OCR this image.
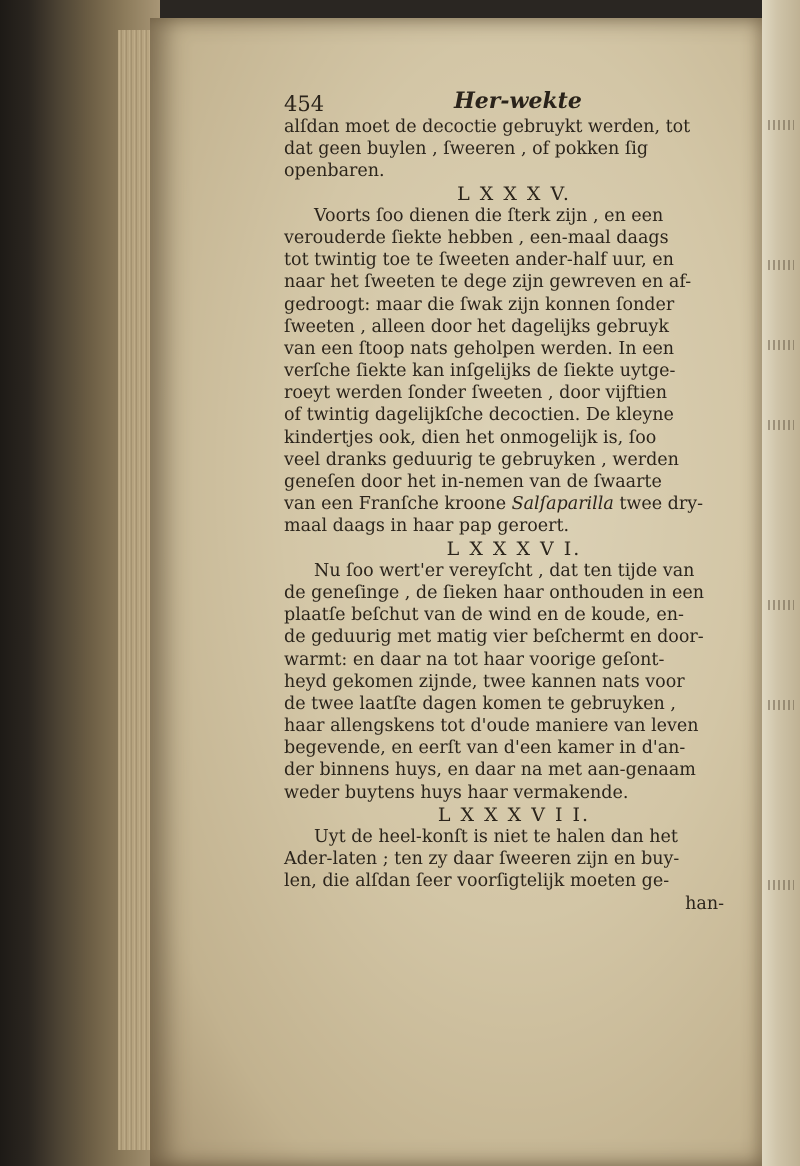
454	Her-wekte
alſdan moet de decoctie gebruykt werden, tot
dat geen buylen , ſweeren , of pokken ſig
openbaren.
L X X X V.
Voorts ſoo dienen die ſterk zijn , en een
verouderde ſiekte hebben , een-maal daags
tot twintig toe te ſweeten ander-half uur, en
naar het ſweeten te dege zijn gewreven en af-
gedroogt: maar die ſwak zijn konnen ſonder
ſweeten , alleen door het dagelijks gebruyk
van een ſtoop nats geholpen werden. In een
verſche ſiekte kan inſgelijks de ſiekte uytge-
roeyt werden ſonder ſweeten , door vijftien
of twintig dagelijkſche decoctien. De kleyne
kindertjes ook, dien het onmogelijk is, ſoo
veel dranks geduurig te gebruyken , werden
geneſen door het in-nemen van de ſwaarte
van een Franſche kroone Salſaparilla twee dry-
maal daags in haar pap geroert.
L X X X V I.
Nu ſoo wert'er vereyſcht , dat ten tijde van
de geneſinge , de ſieken haar onthouden in een
plaatſe beſchut van de wind en de koude, en-
de geduurig met matig vier beſchermt en door-
warmt: en daar na tot haar voorige geſont-
heyd gekomen zijnde, twee kannen nats voor
de twee laatſte dagen komen te gebruyken ,
haar allengskens tot d'oude maniere van leven
begevende, en eerſt van d'een kamer in d'an-
der binnens huys, en daar na met aan-genaam
weder buytens huys haar vermakende.
L X X X V I I.
Uyt de heel-konſt is niet te halen dan het
Ader-laten ; ten zy daar ſweeren zijn en buy-
len, die alſdan ſeer voorſigtelijk moeten ge-
han-
